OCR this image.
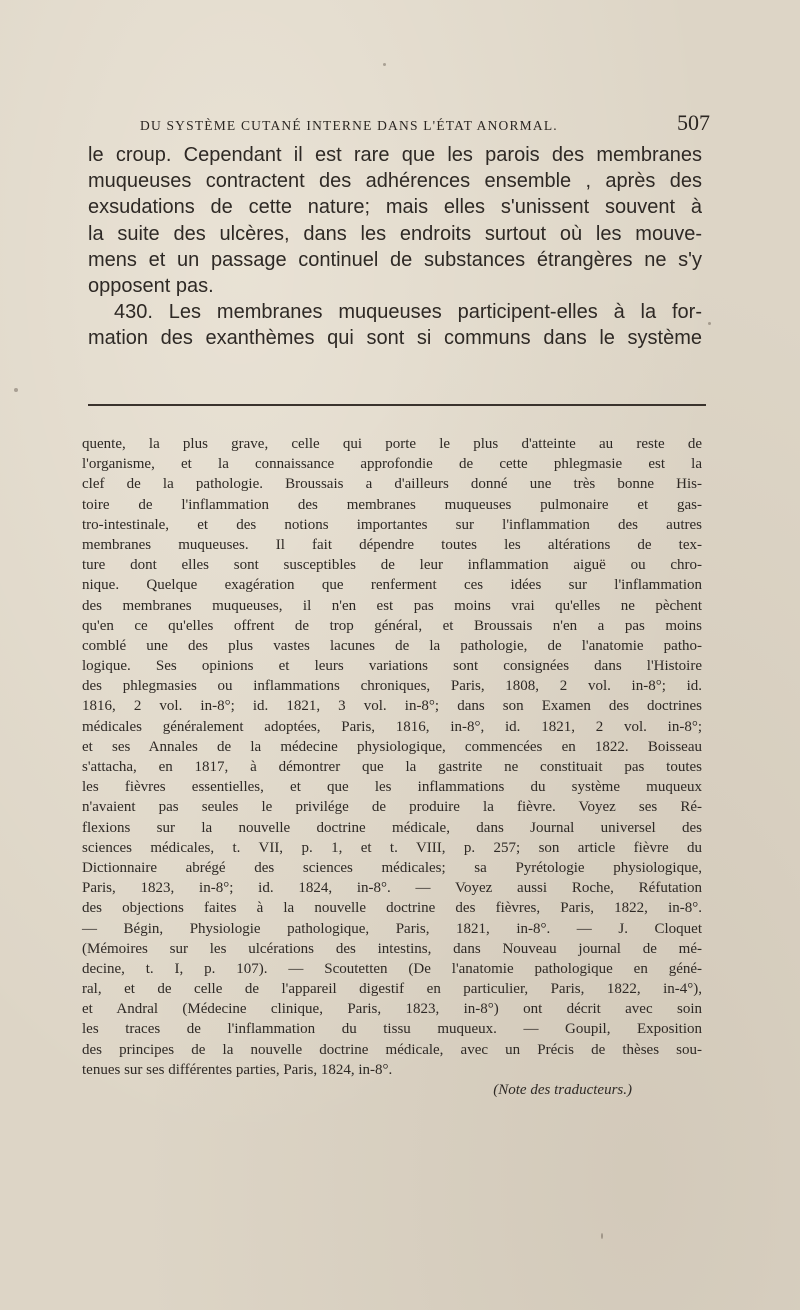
DU SYSTÈME CUTANÉ INTERNE DANS L'ÉTAT ANORMAL.	507
le croup. Cependant il est rare que les parois des membranes
muqueuses contractent des adhérences ensemble , après des
exsudations de cette nature; mais elles s'unissent souvent à
la suite des ulcères, dans les endroits surtout où les mouve-
mens et un passage continuel de substances étrangères ne s'y
opposent pas.
430. Les membranes muqueuses participent-elles à la for-
mation des exanthèmes qui sont si communs dans le système
quente, la plus grave, celle qui porte le plus d'atteinte au reste de
l'organisme, et la connaissance approfondie de cette phlegmasie est la
clef de la pathologie. Broussais a d'ailleurs donné une très bonne His-
toire de l'inflammation des membranes muqueuses pulmonaire et gas-
tro-intestinale, et des notions importantes sur l'inflammation des autres
membranes muqueuses. Il fait dépendre toutes les altérations de tex-
ture dont elles sont susceptibles de leur inflammation aiguë ou chro-
nique. Quelque exagération que renferment ces idées sur l'inflammation
des membranes muqueuses, il n'en est pas moins vrai qu'elles ne pèchent
qu'en ce qu'elles offrent de trop général, et Broussais n'en a pas moins
comblé une des plus vastes lacunes de la pathologie, de l'anatomie patho-
logique. Ses opinions et leurs variations sont consignées dans l'Histoire
des phlegmasies ou inflammations chroniques, Paris, 1808, 2 vol. in-8°; id.
1816, 2 vol. in-8°; id. 1821, 3 vol. in-8°; dans son Examen des doctrines
médicales généralement adoptées, Paris, 1816, in-8°, id. 1821, 2 vol. in-8°;
et ses Annales de la médecine physiologique, commencées en 1822. Boisseau
s'attacha, en 1817, à démontrer que la gastrite ne constituait pas toutes
les fièvres essentielles, et que les inflammations du système muqueux
n'avaient pas seules le privilége de produire la fièvre. Voyez ses Ré-
flexions sur la nouvelle doctrine médicale, dans Journal universel des
sciences médicales, t. VII, p. 1, et t. VIII, p. 257; son article fièvre du
Dictionnaire abrégé des sciences médicales; sa Pyrétologie physiologique,
Paris, 1823, in-8°; id. 1824, in-8°. — Voyez aussi Roche, Réfutation
des objections faites à la nouvelle doctrine des fièvres, Paris, 1822, in-8°.
— Bégin, Physiologie pathologique, Paris, 1821, in-8°. — J. Cloquet
(Mémoires sur les ulcérations des intestins, dans Nouveau journal de mé-
decine, t. I, p. 107). — Scoutetten (De l'anatomie pathologique en géné-
ral, et de celle de l'appareil digestif en particulier, Paris, 1822, in-4°),
et Andral (Médecine clinique, Paris, 1823, in-8°) ont décrit avec soin
les traces de l'inflammation du tissu muqueux. — Goupil, Exposition
des principes de la nouvelle doctrine médicale, avec un Précis de thèses sou-
tenues sur ses différentes parties, Paris, 1824, in-8°.
(Note des traducteurs.)
